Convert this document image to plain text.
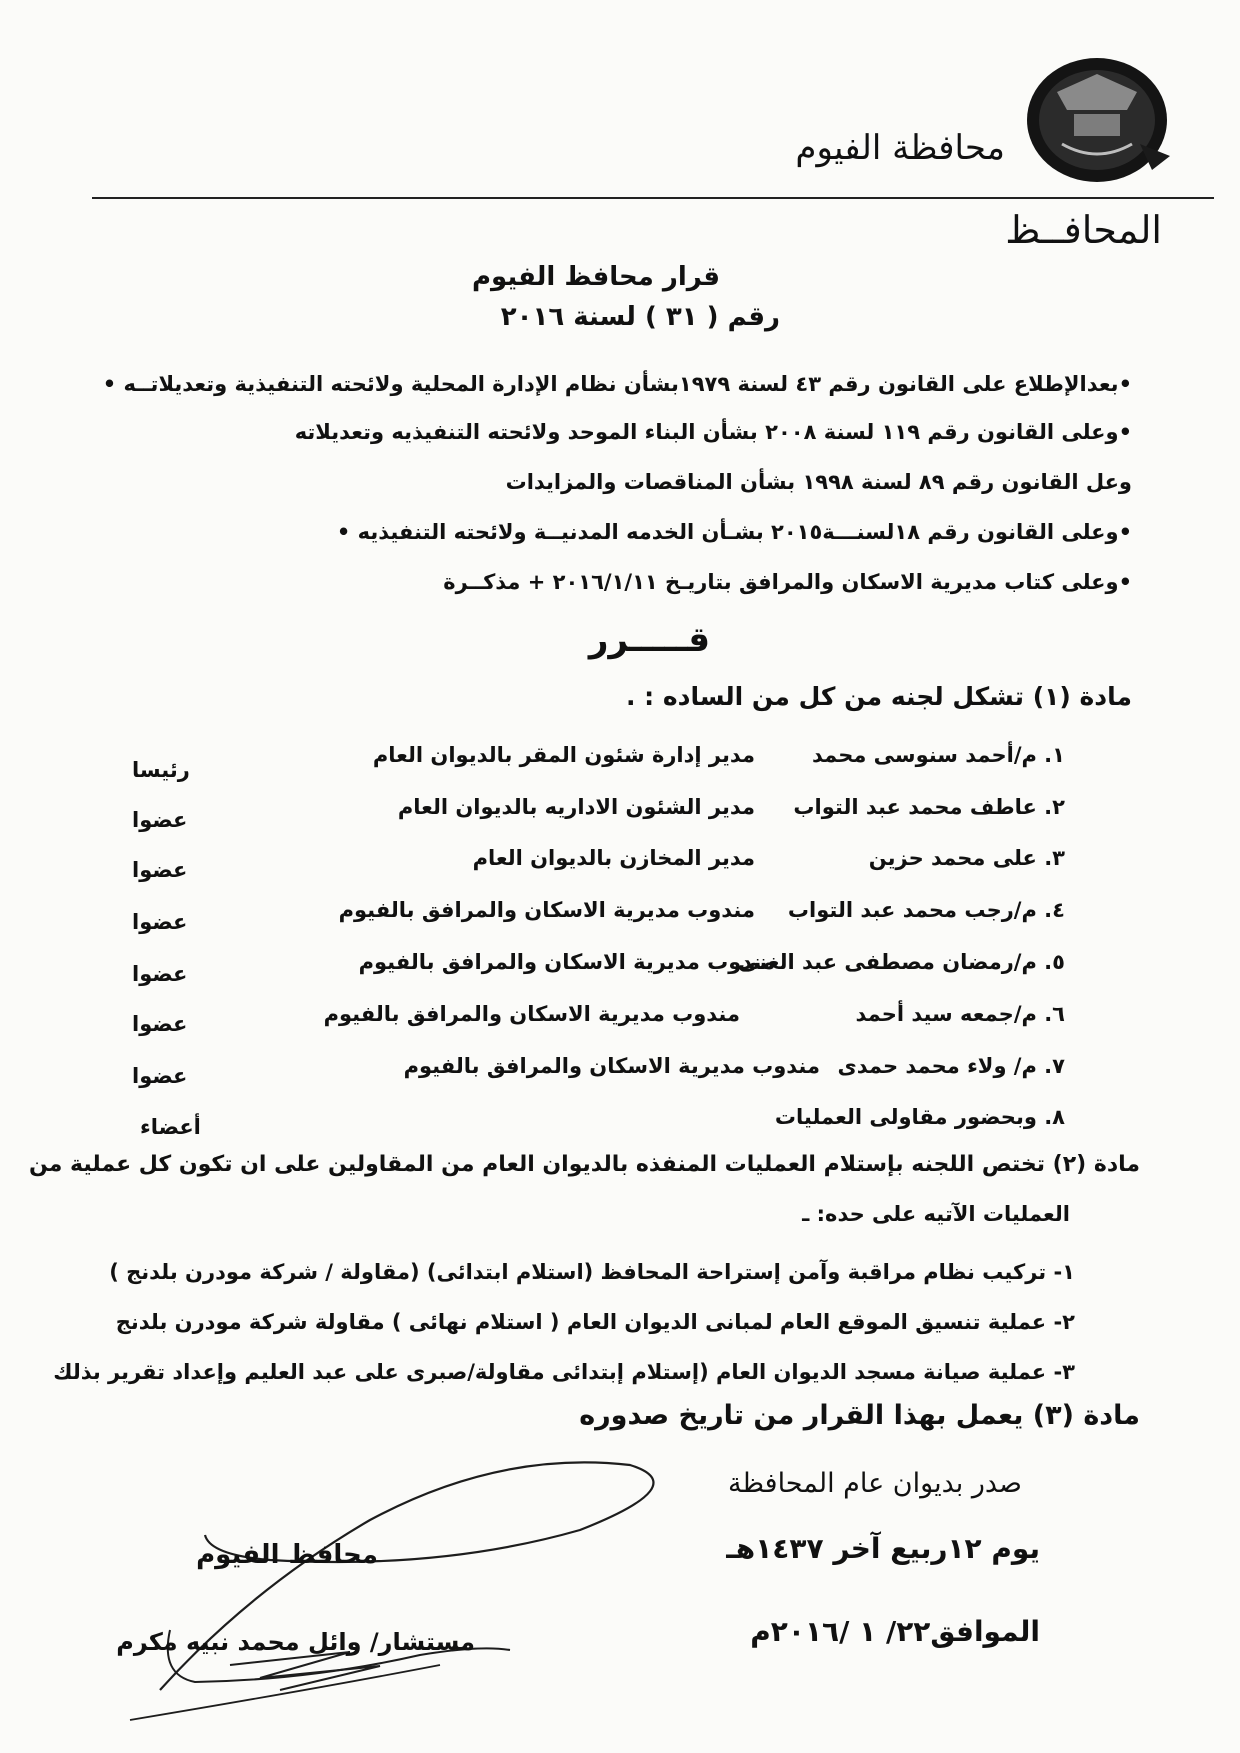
محافظة الفيوم
المحافــظ
قرار محافظ الفيوم
رقم ( ٣١ ) لسنة ٢٠١٦
•بعدالإطلاع على القانون رقم ٤٣ لسنة ١٩٧٩بشأن نظام الإدارة المحلية ولائحته التنفيذية وتعديلاتــه •
•وعلى القانون رقم ١١٩ لسنة ٢٠٠٨ بشأن البناء الموحد ولائحته التنفيذيه وتعديلاته
وعل القانون رقم ٨٩ لسنة ١٩٩٨ بشأن المناقصات والمزايدات
•وعلى القانون رقم ١٨لسنـــة٢٠١٥ بشـأن الخدمه المدنيــة ولائحته التنفيذيه •
•وعلى كتاب مديرية الاسكان والمرافق بتاريـخ ٢٠١٦/١/١١ + مذكــرة
قـــــرر
مادة (١) تشكل لجنه من كل من الساده : .
١. م/أحمد سنوسى محمد
مدير إدارة شئون المقر بالديوان العام
رئيسا
٢. عاطف محمد عبد التواب
مدير الشئون الاداريه بالديوان العام
عضوا
٣. على محمد حزين
مدير المخازن بالديوان العام
عضوا
٤. م/رجب محمد عبد التواب
مندوب مديرية الاسكان والمرافق بالفيوم
عضوا
٥. م/رمضان مصطفى عبد الغنى
مندوب مديرية الاسكان والمرافق بالفيوم
عضوا
٦. م/جمعه سيد أحمد
مندوب مديرية الاسكان والمرافق بالفيوم
عضوا
٧. م/ ولاء محمد حمدى
مندوب مديرية الاسكان والمرافق بالفيوم
عضوا
٨. وبحضور مقاولى العمليات
أعضاء
مادة (٢) تختص اللجنه بإستلام العمليات المنفذه بالديوان العام من المقاولين على ان تكون كل عملية من
العمليات الآتيه على حده: ـ
١- تركيب نظام مراقبة وآمن إستراحة المحافظ (استلام ابتدائى) (مقاولة / شركة مودرن بلدنج )
٢- عملية تنسيق الموقع العام لمبانى الديوان العام ( استلام نهائى ) مقاولة شركة مودرن بلدنج
٣- عملية صيانة مسجد الديوان العام (إستلام إبتدائى مقاولة/صبرى على عبد العليم وإعداد تقرير بذلك
مادة (٣) يعمل بهذا القرار من تاريخ صدوره
صدر بديوان عام المحافظة
يوم ١٢ربيع آخر ١٤٣٧هـ
الموافق٢٢/ ١ /٢٠١٦م
محافظ الفيوم
مستشار/ وائل محمد نبيه مكرم
